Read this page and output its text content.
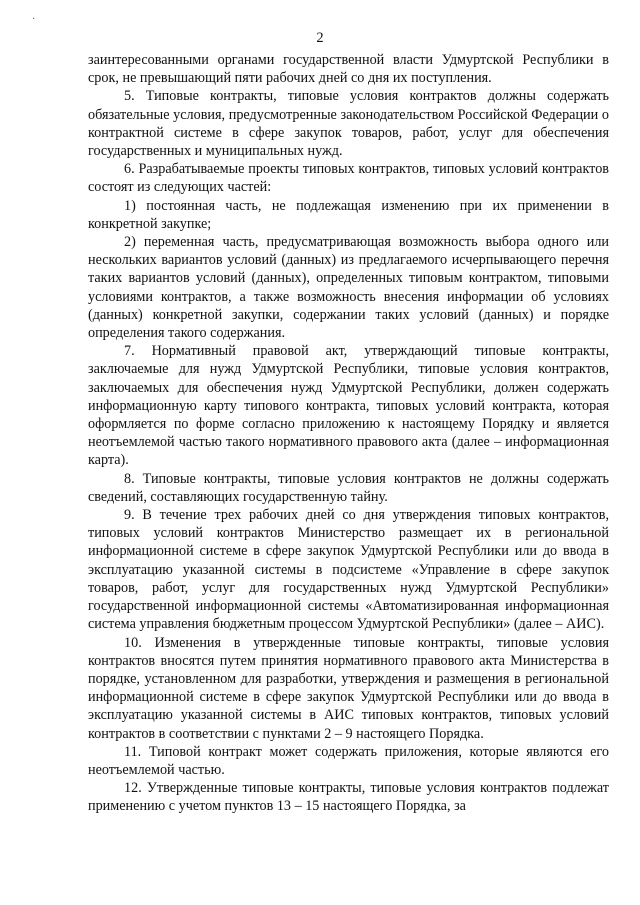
·
2

заинтересованными органами государственной власти Удмуртской Республики в срок, не превышающий пяти рабочих дней со дня их поступления.

5. Типовые контракты, типовые условия контрактов должны содержать обязательные условия, предусмотренные законодательством Российской Федерации о контрактной системе в сфере закупок товаров, работ, услуг для обеспечения государственных и муниципальных нужд.

6. Разрабатываемые проекты типовых контрактов, типовых условий контрактов состоят из следующих частей:

1) постоянная часть, не подлежащая изменению при их применении в конкретной закупке;

2) переменная часть, предусматривающая возможность выбора одного или нескольких вариантов условий (данных) из предлагаемого исчерпывающего перечня таких вариантов условий (данных), определенных типовым контрактом, типовыми условиями контрактов, а также возможность внесения информации об условиях (данных) конкретной закупки, содержании таких условий (данных) и порядке определения такого содержания.

7. Нормативный правовой акт, утверждающий типовые контракты, заключаемые для нужд Удмуртской Республики, типовые условия контрактов, заключаемых для обеспечения нужд Удмуртской Республики, должен содержать информационную карту типового контракта, типовых условий контракта, которая оформляется по форме согласно приложению к настоящему Порядку и является неотъемлемой частью такого нормативного правового акта (далее – информационная карта).

8. Типовые контракты, типовые условия контрактов не должны содержать сведений, составляющих государственную тайну.

9. В течение трех рабочих дней со дня утверждения типовых контрактов, типовых условий контрактов Министерство размещает их в региональной информационной системе в сфере закупок Удмуртской Республики или до ввода в эксплуатацию указанной системы в подсистеме «Управление в сфере закупок товаров, работ, услуг для государственных нужд Удмуртской Республики» государственной информационной системы «Автоматизированная информационная система управления бюджетным процессом Удмуртской Республики» (далее – АИС).

10. Изменения в утвержденные типовые контракты, типовые условия контрактов вносятся путем принятия нормативного правового акта Министерства в порядке, установленном для разработки, утверждения и размещения в региональной информационной системе в сфере закупок Удмуртской Республики или до ввода в эксплуатацию указанной системы в АИС типовых контрактов, типовых условий контрактов в соответствии с пунктами 2 – 9 настоящего Порядка.

11. Типовой контракт может содержать приложения, которые являются его неотъемлемой частью.

12. Утвержденные типовые контракты, типовые условия контрактов подлежат применению с учетом пунктов 13 – 15 настоящего Порядка, за
